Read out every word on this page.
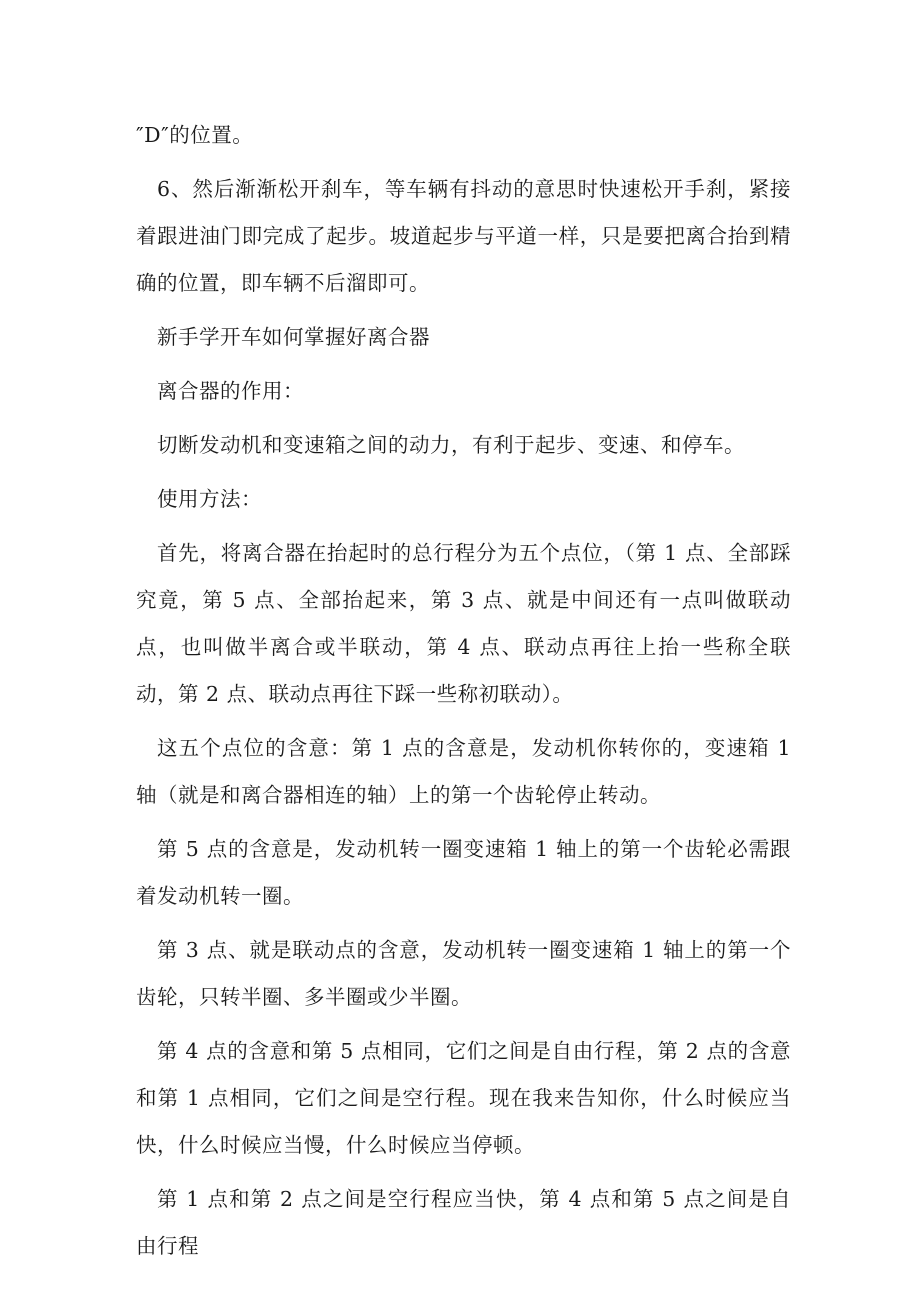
″D″的位置。

6、然后渐渐松开刹车，等车辆有抖动的意思时快速松开手刹，紧接着跟进油门即完成了起步。坡道起步与平道一样，只是要把离合抬到精确的位置，即车辆不后溜即可。

新手学开车如何掌握好离合器

离合器的作用：

切断发动机和变速箱之间的动力，有利于起步、变速、和停车。

使用方法：

首先，将离合器在抬起时的总行程分为五个点位，（第 1 点、全部踩究竟，第 5 点、全部抬起来，第 3 点、就是中间还有一点叫做联动点，也叫做半离合或半联动，第 4 点、联动点再往上抬一些称全联动，第 2 点、联动点再往下踩一些称初联动）。

这五个点位的含意：第 1 点的含意是，发动机你转你的，变速箱 1 轴（就是和离合器相连的轴）上的第一个齿轮停止转动。

第 5 点的含意是，发动机转一圈变速箱 1 轴上的第一个齿轮必需跟着发动机转一圈。

第 3 点、就是联动点的含意，发动机转一圈变速箱 1 轴上的第一个齿轮，只转半圈、多半圈或少半圈。

第 4 点的含意和第 5 点相同，它们之间是自由行程，第 2 点的含意和第 1 点相同，它们之间是空行程。现在我来告知你，什么时候应当快，什么时候应当慢，什么时候应当停顿。

第 1 点和第 2 点之间是空行程应当快，第 4 点和第 5 点之间是自由行程
